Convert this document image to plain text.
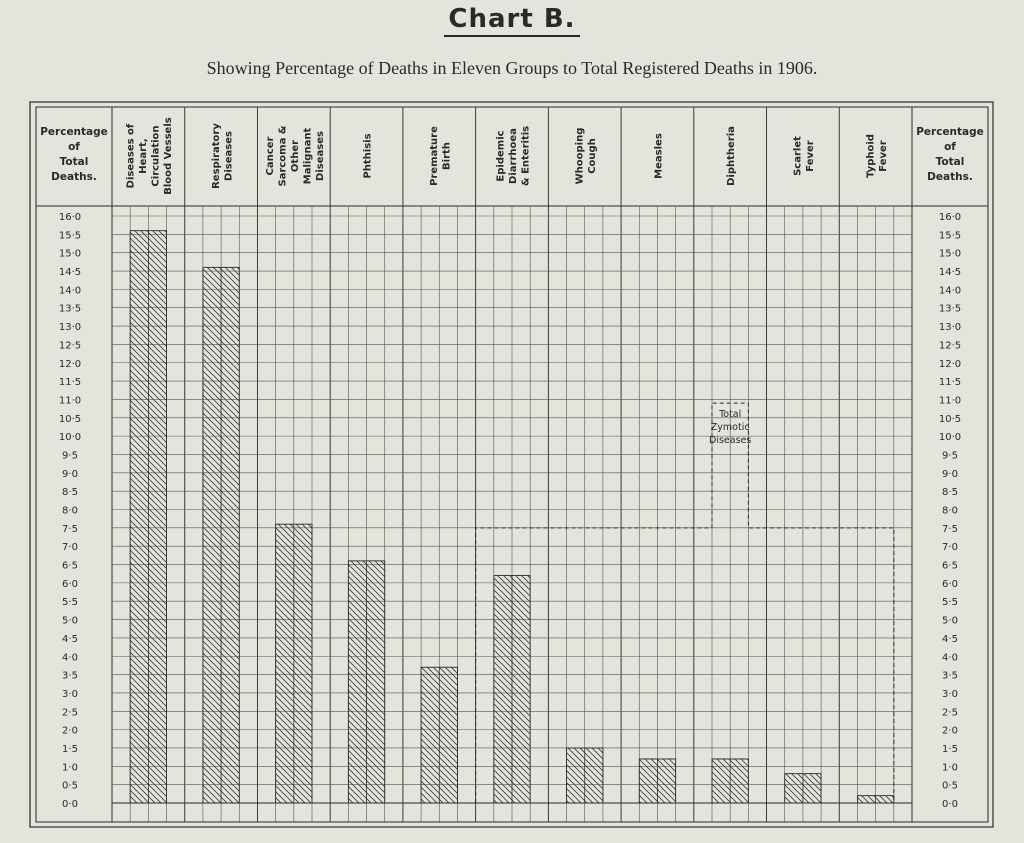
Chart B.
Showing Percentage of Deaths in Eleven Groups to Total Registered Deaths in 1906.
Total
Zymotic
Diseases
0·0	0·0
0·5	0·5
1·0	1·0
1·5	1·5
2·0	2·0
2·5	2·5
3·0	3·0
3·5	3·5
4·0	4·0
4·5	4·5
5·0	5·0
5·5	5·5
6·0	6·0
6·5	6·5
7·0	7·0
7·5	7·5
8·0	8·0
8·5	8·5
9·0	9·0
9·5	9·5
10·0	10·0
10·5	10·5
11·0	11·0
11·5	11·5
12·0	12·0
12·5	12·5
13·0	13·0
13·5	13·5
14·0	14·0
14·5	14·5
15·0	15·0
15·5	15·5
16·0	16·0
Percentage
of
Total
Deaths.
Percentage
of
Total
Deaths.
Diseases of Heart, Circulation Blood Vessels	Respiratory Diseases	Cancer Sarcoma & Other Malignant Diseases	Phthisis	Premature Birth	Epidemic Diarrhoea & Enteritis	Whooping Cough	Measles	Diphtheria	Scarlet Fever	Typhoid Fever
